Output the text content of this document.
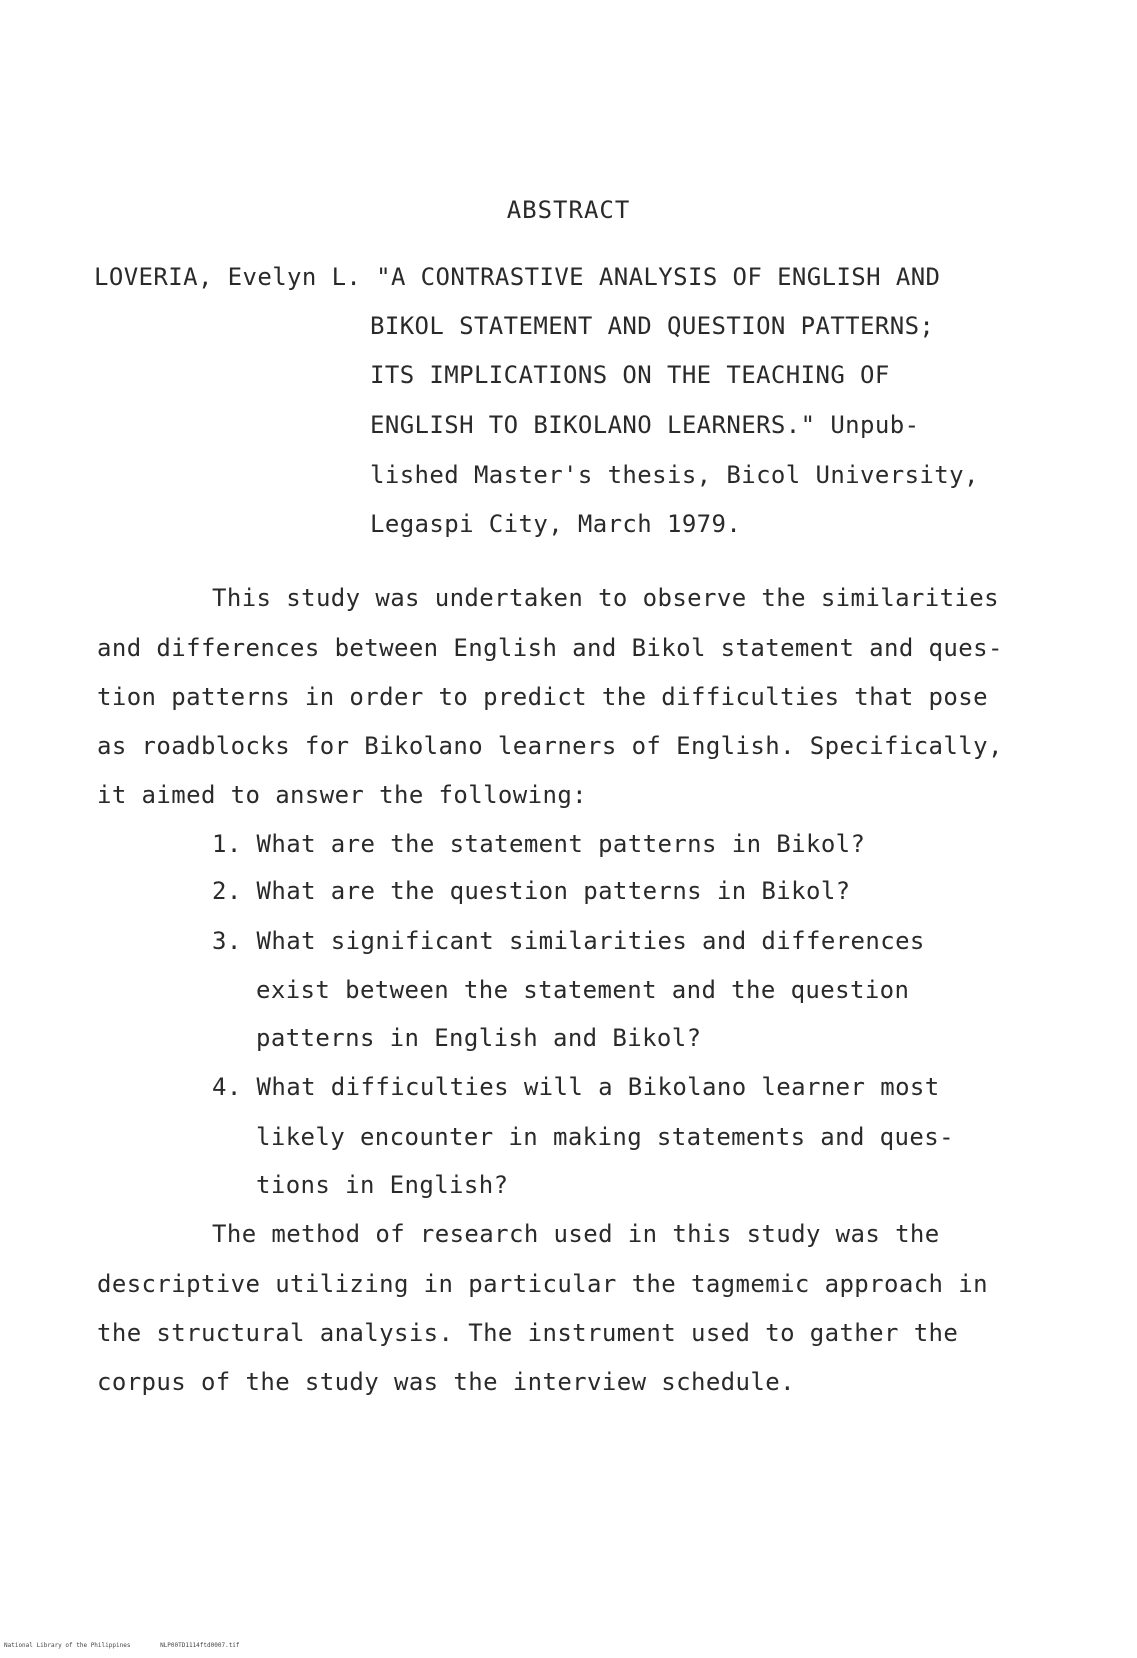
ABSTRACT
LOVERIA, Evelyn L. "A CONTRASTIVE ANALYSIS OF ENGLISH AND
BIKOL STATEMENT AND QUESTION PATTERNS;
ITS IMPLICATIONS ON THE TEACHING OF
ENGLISH TO BIKOLANO LEARNERS." Unpub-
lished Master's thesis, Bicol University,
Legaspi City, March 1979.
This study was undertaken to observe the similarities
and differences between English and Bikol statement and ques-
tion patterns in order to predict the difficulties that pose
as roadblocks for Bikolano learners of English. Specifically,
it aimed to answer the following:
1. What are the statement patterns in Bikol?
2. What are the question patterns in Bikol?
3. What significant similarities and differences
exist between the statement and the question
patterns in English and Bikol?
4. What difficulties will a Bikolano learner most
likely encounter in making statements and ques-
tions in English?
The method of research used in this study was the
descriptive utilizing in particular the tagmemic approach in
the structural analysis. The instrument used to gather the
corpus of the study was the interview schedule.
National Library of the Philippines	NLP00TD1114ftd0007.tif
